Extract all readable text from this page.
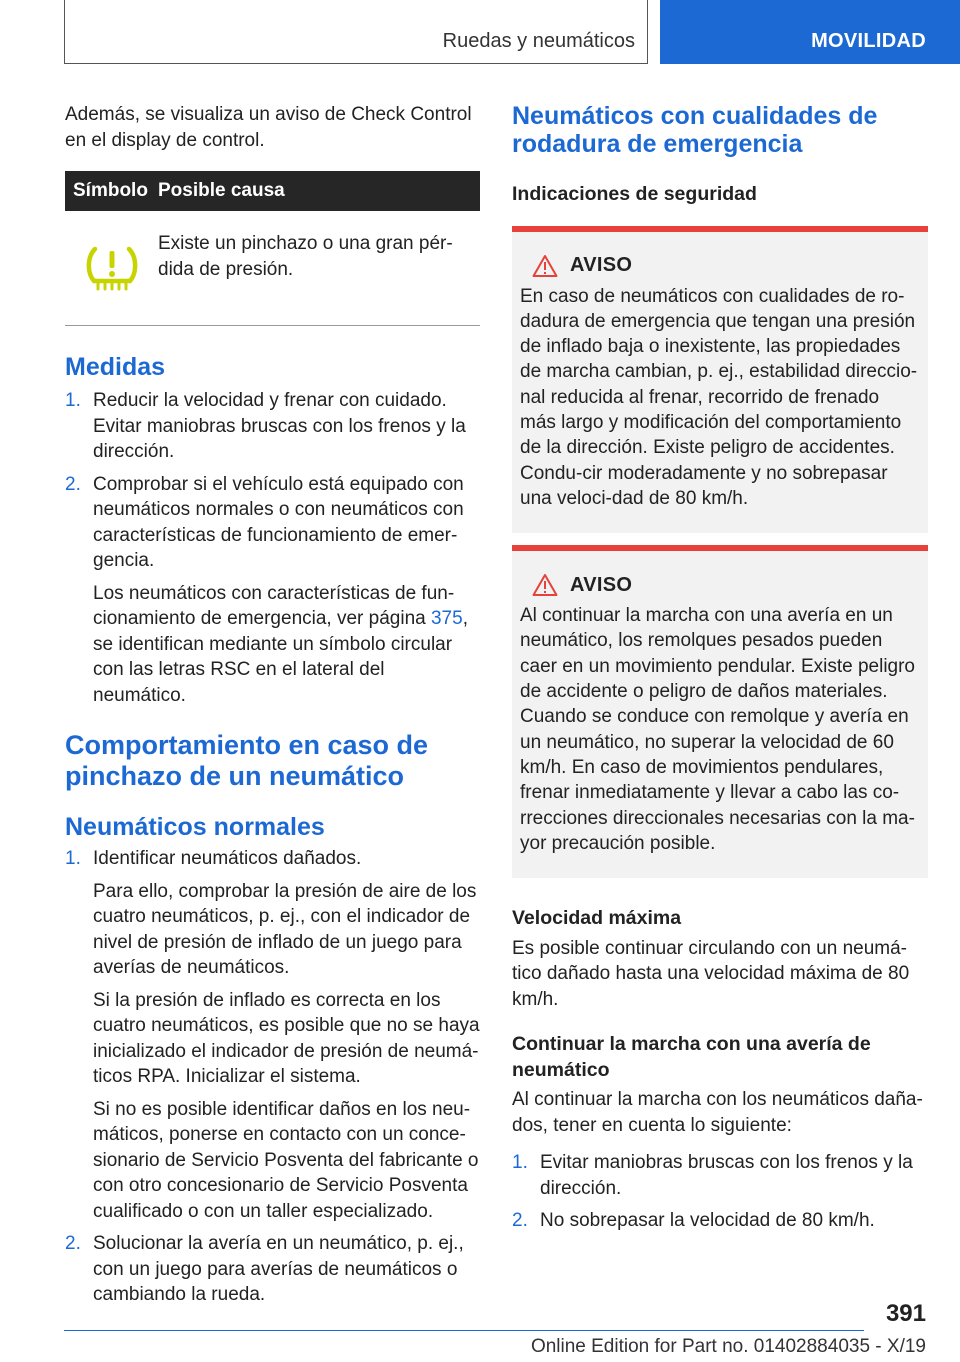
Ruedas y neumáticos	MOVILIDAD

Además, se visualiza un aviso de Check Control en el display de control.

Símbolo Posible causa
Existe un pinchazo o una gran pér-dida de presión.
Medidas
1. Reducir la velocidad y frenar con cuidado. Evitar maniobras bruscas con los frenos y la dirección.
2. Comprobar si el vehículo está equipado con neumáticos normales o con neumáticos con características de funcionamiento de emer-gencia.
Los neumáticos con características de fun-cionamiento de emergencia, ver página 375, se identifican mediante un símbolo circular con las letras RSC en el lateral del neumático.
Comportamiento en caso de pinchazo de un neumático
Neumáticos normales
1. Identificar neumáticos dañados.
Para ello, comprobar la presión de aire de los cuatro neumáticos, p. ej., con el indicador de nivel de presión de inflado de un juego para averías de neumáticos.
Si la presión de inflado es correcta en los cuatro neumáticos, es posible que no se haya inicializado el indicador de presión de neumá-ticos RPA. Inicializar el sistema.
Si no es posible identificar daños en los neu-máticos, ponerse en contacto con un conce-sionario de Servicio Posventa del fabricante o con otro concesionario de Servicio Posventa cualificado o con un taller especializado.
2. Solucionar la avería en un neumático, p. ej., con un juego para averías de neumáticos o cambiando la rueda.
Neumáticos con cualidades de rodadura de emergencia
Indicaciones de seguridad
AVISO

En caso de neumáticos con cualidades de ro-dadura de emergencia que tengan una presión de inflado baja o inexistente, las propiedades de marcha cambian, p. ej., estabilidad direccio-nal reducida al frenar, recorrido de frenado más largo y modificación del comportamiento de la dirección. Existe peligro de accidentes. Condu-cir moderadamente y no sobrepasar una veloci-dad de 80 km/h.

AVISO

Al continuar la marcha con una avería en un neumático, los remolques pesados pueden caer en un movimiento pendular. Existe peligro de accidente o peligro de daños materiales. Cuando se conduce con remolque y avería en un neumático, no superar la velocidad de 60 km/h. En caso de movimientos pendulares, frenar inmediatamente y llevar a cabo las co-rrecciones direccionales necesarias con la ma-yor precaución posible.

Velocidad máxima

Es posible continuar circulando con un neumá-tico dañado hasta una velocidad máxima de 80 km/h.

Continuar la marcha con una avería de neumático

Al continuar la marcha con los neumáticos daña-dos, tener en cuenta lo siguiente:

1. Evitar maniobras bruscas con los frenos y la dirección.
2. No sobrepasar la velocidad de 80 km/h.
391
Online Edition for Part no. 01402884035 - X/19
